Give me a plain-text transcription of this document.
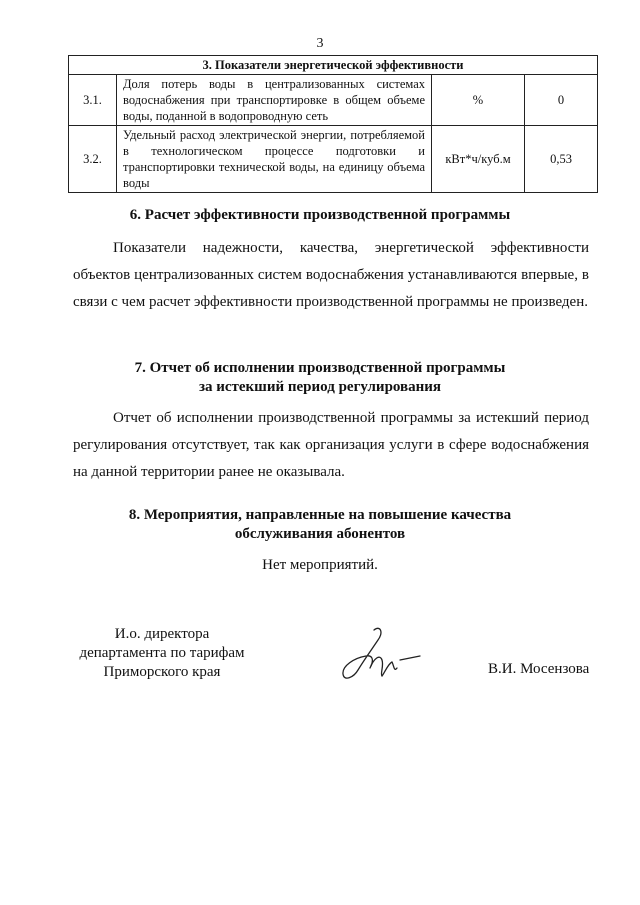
3
3. Показатели энергетической эффективности			
3.1.	Доля потерь воды в централизованных системах водоснабжения при транспортировке в общем объеме воды, поданной в водопроводную сеть	%	0
3.2.	Удельный расход электрической энергии, потребляемой в технологическом процессе подготовки и транспортировки технической воды, на единицу объема воды	кВт*ч/куб.м	0,53
6. Расчет эффективности производственной программы

Показатели надежности, качества, энергетической эффективности объектов централизованных систем водоснабжения устанавливаются впервые, в связи с чем расчет эффективности производственной программы не произведен.

7. Отчет об исполнении производственной программы
за истекший период регулирования

Отчет об исполнении производственной программы за истекший период регулирования отсутствует, так как организация услуги в сфере водоснабжения на данной территории ранее не оказывала.

8. Мероприятия, направленные на повышение качества
обслуживания абонентов
Нет мероприятий.
И.о. директора
департамента по тарифам
Приморского края	В.И. Мосензова
